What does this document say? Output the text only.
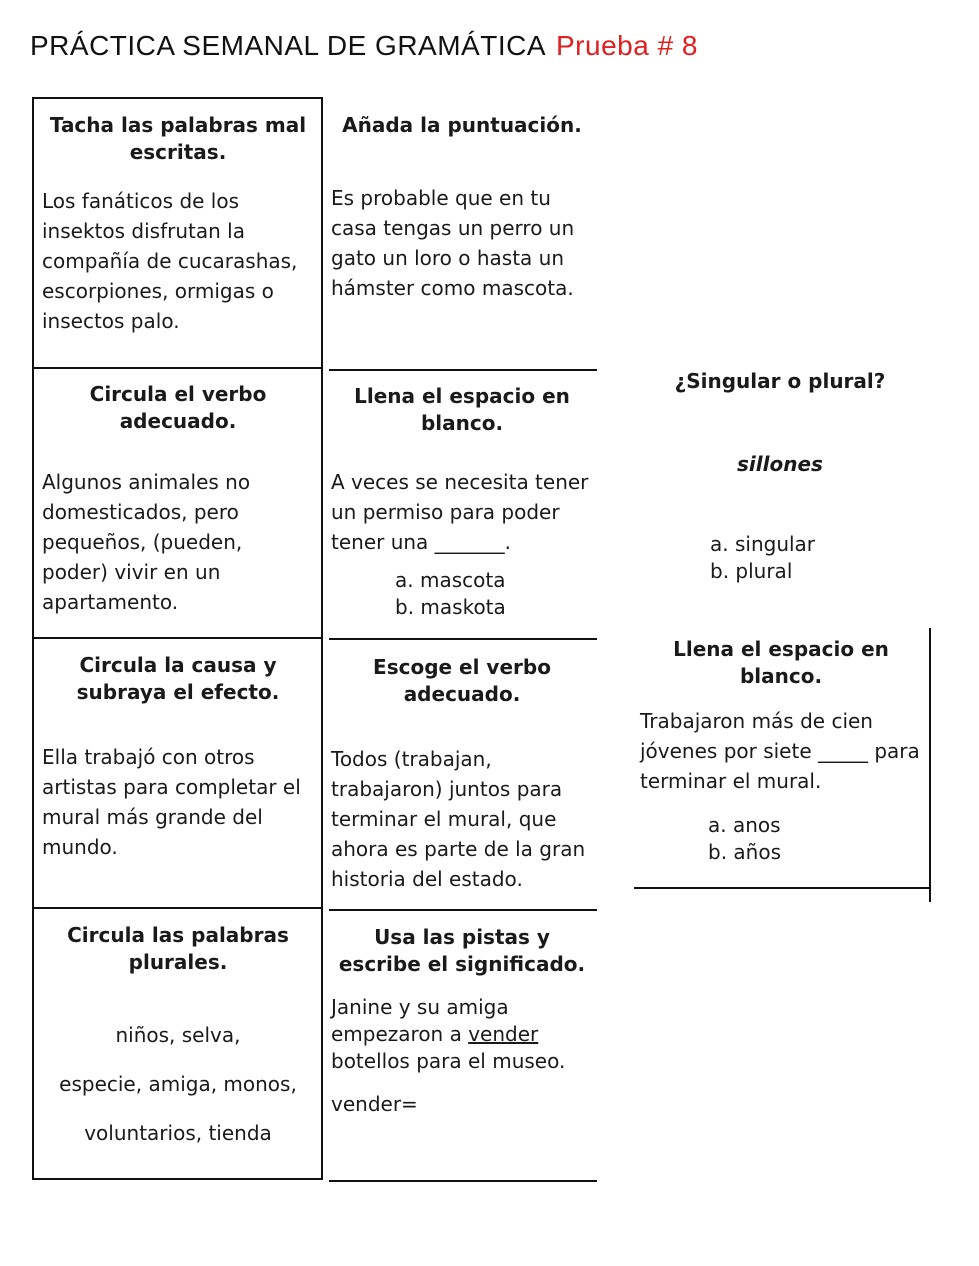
PRÁCTICA SEMANAL DE GRAMÁTICA Prueba # 8
Tacha las palabras mal escritas.
Los fanáticos de los insektos disfrutan la compañía de cucarashas, escorpiones, ormigas o insectos palo.
Circula el verbo adecuado.
Algunos animales no domesticados, pero pequeños, (pueden, poder) vivir en un apartamento.
Circula la causa y subraya el efecto.
Ella trabajó con otros artistas para completar el mural más grande del mundo.
Circula las palabras plurales.
niños, selva,
especie, amiga, monos,
voluntarios, tienda
Añada la puntuación.
Es probable que en tu casa tengas un perro un gato un loro o hasta un hámster como mascota.
Llena el espacio en blanco.
A veces se necesita tener un permiso para poder tener una _______.
a. mascota
b. maskota
Escoge el verbo adecuado.
Todos (trabajan, trabajaron) juntos para terminar el mural, que ahora es parte de la gran historia del estado.
Usa las pistas y escribe el significado.
Janine y su amiga empezaron a vender botellos para el museo.
vender=
¿Singular o plural?
sillones
a. singular
b. plural
Llena el espacio en blanco.
Trabajaron más de cien jóvenes por siete _____ para terminar el mural.
a. anos
b. años
